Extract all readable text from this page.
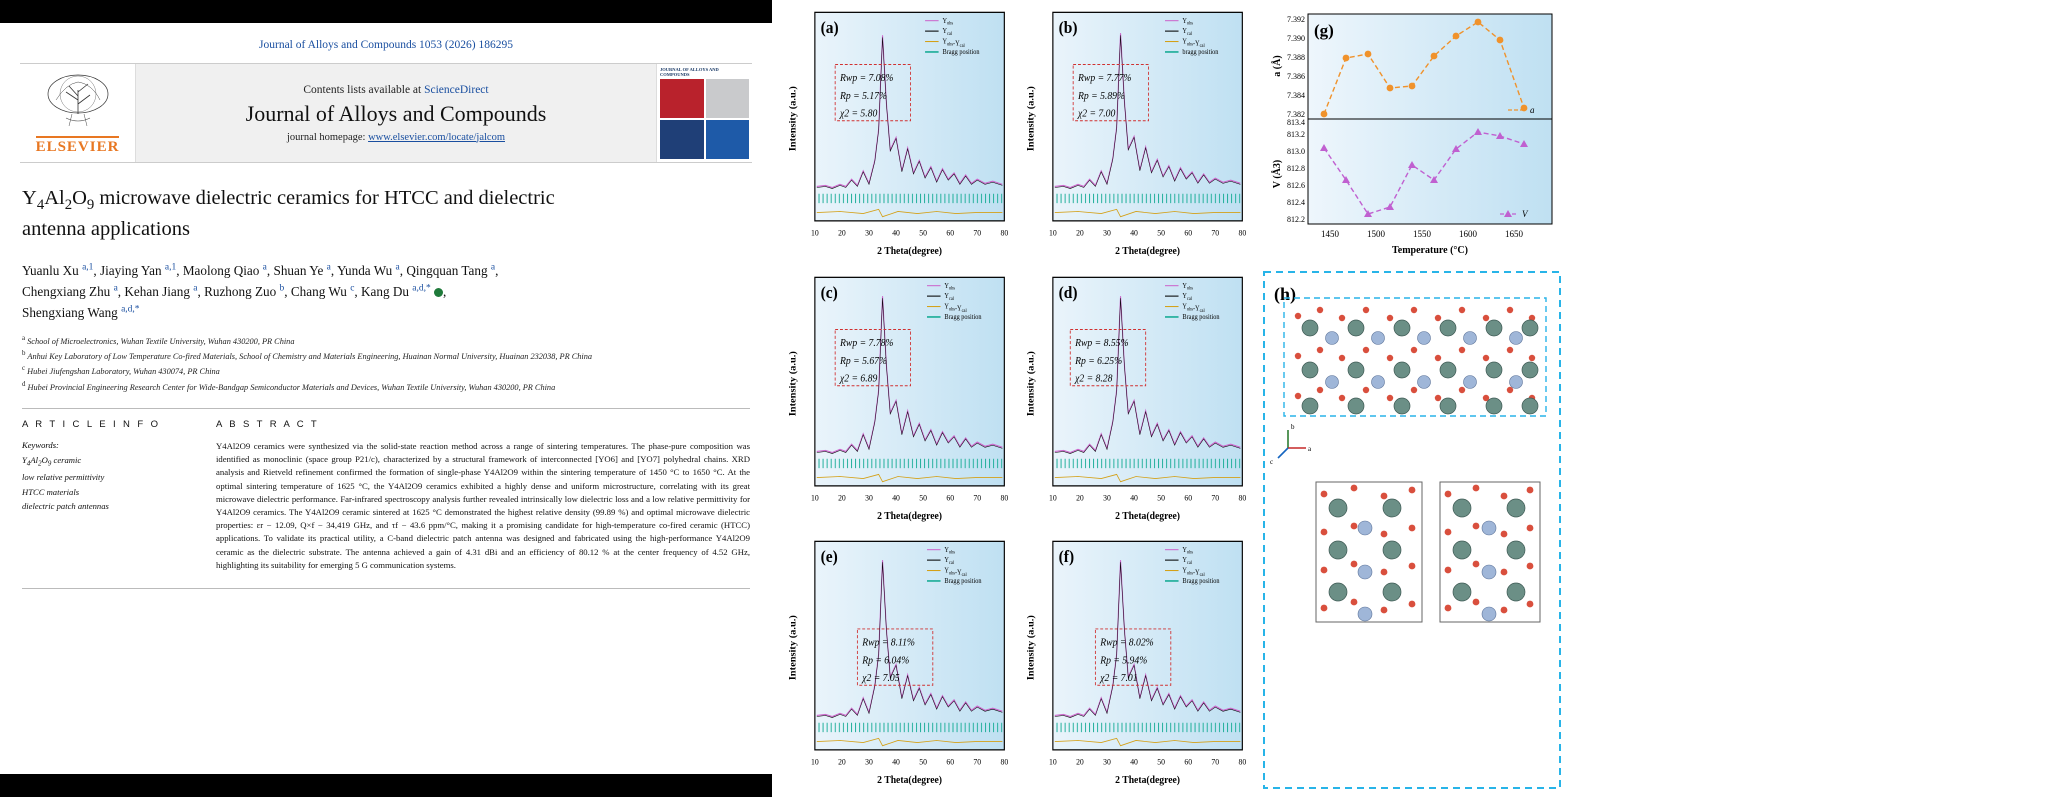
Journal of Alloys and Compounds 1053 (2026) 186295
ELSEVIER
Contents lists available at ScienceDirect
Journal of Alloys and Compounds
journal homepage: www.elsevier.com/locate/jalcom
JOURNAL OF ALLOYS AND COMPOUNDS
$Y_4Al_2O_9$ microwave dielectric ceramics for HTCC and dielectric
antenna applications
Yuanlu Xu $^{a,1}$, Jiaying Yan $^{a,1}$, Maolong Qiao $^a$, Shuan Ye $^a$, Yunda Wu $^a$, Qingquan Tang $^a$,
Chengxiang Zhu $^a$, Kehan Jiang $^a$, Ruzhong Zuo $^b$, Chang Wu $^c$, Kang Du $^{a,d,*}$ ,
Shengxiang Wang $^{a,d,*}$
$^a$ School of Microelectronics, Wuhan Textile University, Wuhan 430200, PR China
$^b$ Anhui Key Laboratory of Low Temperature Co-fired Materials, School of Chemistry and Materials Engineering, Huainan Normal University, Huainan 232038, PR China
$^c$ Hubei Jiufengshan Laboratory, Wuhan 430074, PR China
$^d$ Hubei Provincial Engineering Research Center for Wide-Bandgap Semiconductor Materials and Devices, Wuhan Textile University, Wuhan 430200, PR China
A R T I C L E I N F O
Keywords:
$Y_4Al_2O_9$ ceramic
low relative permittivity
HTCC materials
dielectric patch antennas
A B S T R A C T
Y4Al2O9 ceramics were synthesized via the solid-state reaction method across a range of sintering temperatures. The phase-pure composition was identified as monoclinic (space group P21/c), characterized by a structural framework of interconnected [YO6] and [YO7] polyhedral chains. XRD analysis and Rietveld refinement confirmed the formation of single-phase Y4Al2O9 within the sintering temperature of 1450 °C to 1650 °C. At the optimal sintering temperature of 1625 °C, the Y4Al2O9 ceramics exhibited a highly dense and uniform microstructure, correlating with its great microwave dielectric performance. Far-infrared spectroscopy analysis further revealed intrinsically low dielectric loss and a low relative permittivity for Y4Al2O9 ceramics. The Y4Al2O9 ceramic sintered at 1625 °C demonstrated the highest relative density (99.89 %) and optimal microwave dielectric properties: εr − 12.09, Q×f − 34,419 GHz, and τf − 43.6 ppm/°C, making it a promising candidate for high-temperature co-fired ceramic (HTCC) applications. To validate its practical utility, a C-band dielectric patch antenna was designed and fabricated using the high-performance Y4Al2O9 ceramic as the dielectric substrate. The antenna achieved a gain of 4.31 dBi and an efficiency of 80.12 % at the center frequency of 4.52 GHz, highlighting its suitability for emerging 5 G communication systems.
(a)	$Y_{obs}$
$Y_{cal}$
$Y_{obs}-Y_{cal}$
Bragg position
Rwp = 7.08%
Rp = 5.17%
χ2 = 5.80
10 20 30 40 50 60 70 80
2 Theta(degree)
Intensity (a.u.)
(b)	$Y_{obs}$
$Y_{cal}$
$Y_{obs}-Y_{cal}$
bragg position
Rwp = 7.77%
Rp = 5.89%
χ2 = 7.00
10 20 30 40 50 60 70 80
2 Theta(degree)
Intensity (a.u.)
(c)	$Y_{obs}$
$Y_{cal}$
$Y_{obs}-Y_{cal}$
Bragg position
Rwp = 7.78%
Rp = 5.67%
χ2 = 6.89
10 20 30 40 50 60 70 80
2 Theta(degree)
Intensity (a.u.)
(d)	$Y_{obs}$
$Y_{cal}$
$Y_{obs}-Y_{cal}$
Bragg position
Rwp = 8.55%
Rp = 6.25%
χ2 = 8.28
10 20 30 40 50 60 70 80
2 Theta(degree)
Intensity (a.u.)
(e)	$Y_{obs}$
$Y_{cal}$
$Y_{obs}-Y_{cal}$
Bragg position
Rwp = 8.11%
Rp = 6.04%
χ2 = 7.05
10 20 30 40 50 60 70 80
2 Theta(degree)
Intensity (a.u.)
(f)	$Y_{obs}$
$Y_{cal}$
$Y_{obs}-Y_{cal}$
Bragg position
Rwp = 8.02%
Rp = 5.94%
χ2 = 7.01
10 20 30 40 50 60 70 80
2 Theta(degree)
Intensity (a.u.)
(g)
7.382
7.384
7.386
7.388
7.390
7.392
812.2
812.4
812.6
812.8
813.0
813.2
813.4
a
V
1450	1500	1550	1600	1650
Temperature (°C)
a (Å)
V (Å3)
(h)
b
a
c
